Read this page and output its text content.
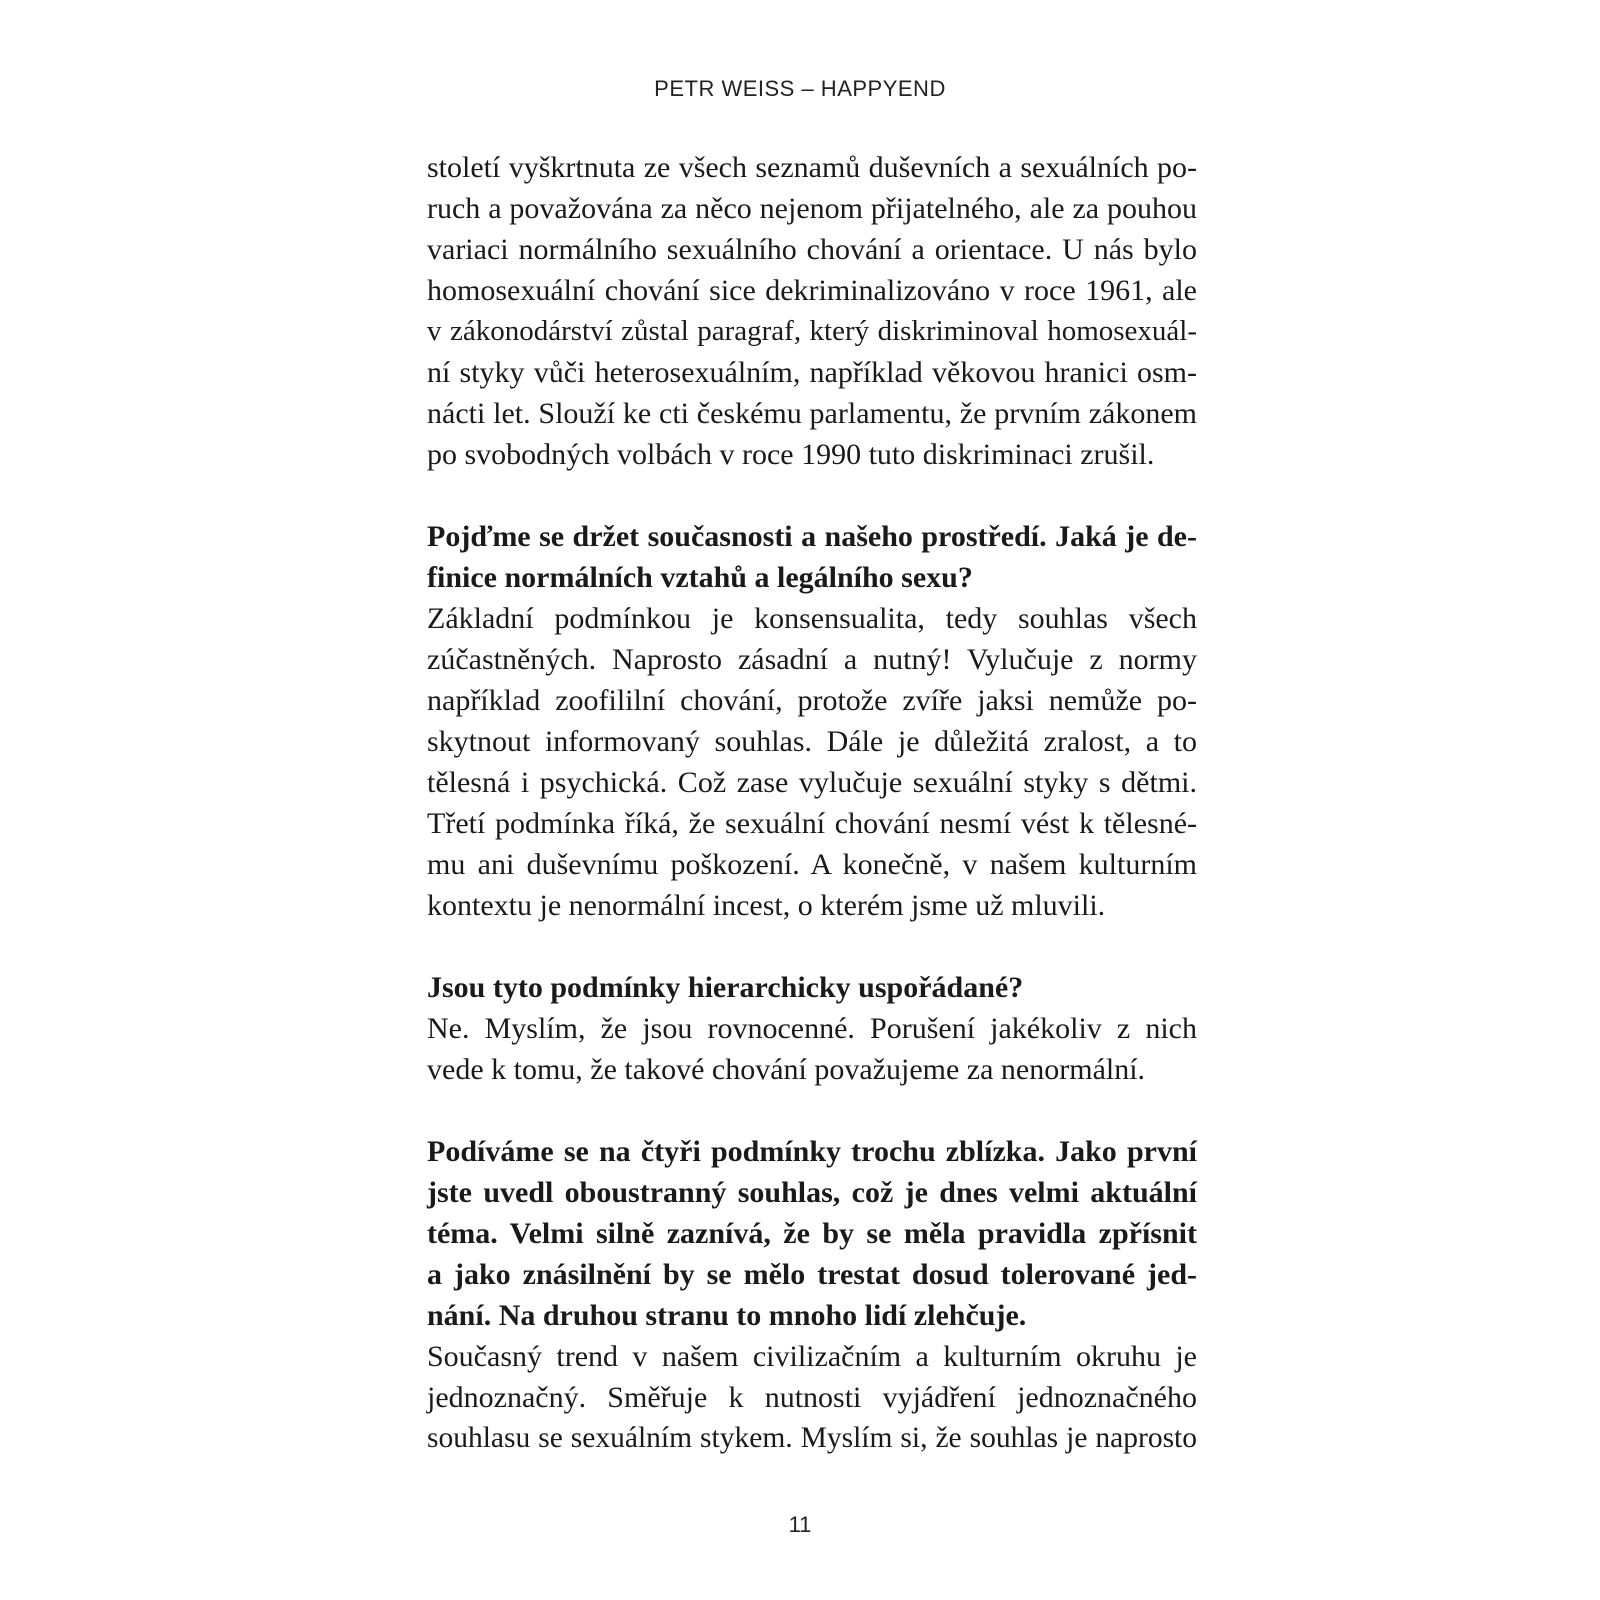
PETR WEISS – HAPPYEND
století vyškrtnuta ze všech seznamů duševních a sexuálních po-
ruch a považována za něco nejenom přijatelného, ale za pouhou
variaci normálního sexuálního chování a orientace. U nás bylo
homosexuální chování sice dekriminalizováno v roce 1961, ale
v zákonodárství zůstal paragraf, který diskriminoval homosexuál-
ní styky vůči heterosexuálním, například věkovou hranici osm-
nácti let. Slouží ke cti českému parlamentu, že prvním zákonem
po svobodných volbách v roce 1990 tuto diskriminaci zrušil.
Pojďme se držet současnosti a našeho prostředí. Jaká je de-
finice normálních vztahů a legálního sexu?
Základní podmínkou je konsensualita, tedy souhlas všech
zúčastněných. Naprosto zásadní a nutný! Vylučuje z normy
například zoofililní chování, protože zvíře jaksi nemůže po-
skytnout informovaný souhlas. Dále je důležitá zralost, a to
tělesná i psychická. Což zase vylučuje sexuální styky s dětmi.
Třetí podmínka říká, že sexuální chování nesmí vést k tělesné-
mu ani duševnímu poškození. A konečně, v našem kulturním
kontextu je nenormální incest, o kterém jsme už mluvili.
Jsou tyto podmínky hierarchicky uspořádané?
Ne. Myslím, že jsou rovnocenné. Porušení jakékoliv z nich
vede k tomu, že takové chování považujeme za nenormální.
Podíváme se na čtyři podmínky trochu zblízka. Jako první
jste uvedl oboustranný souhlas, což je dnes velmi aktuální
téma. Velmi silně zaznívá, že by se měla pravidla zpřísnit
a jako znásilnění by se mělo trestat dosud tolerované jed-
nání. Na druhou stranu to mnoho lidí zlehčuje.
Současný trend v našem civilizačním a kulturním okruhu je
jednoznačný. Směřuje k nutnosti vyjádření jednoznačného
souhlasu se sexuálním stykem. Myslím si, že souhlas je naprosto
11
